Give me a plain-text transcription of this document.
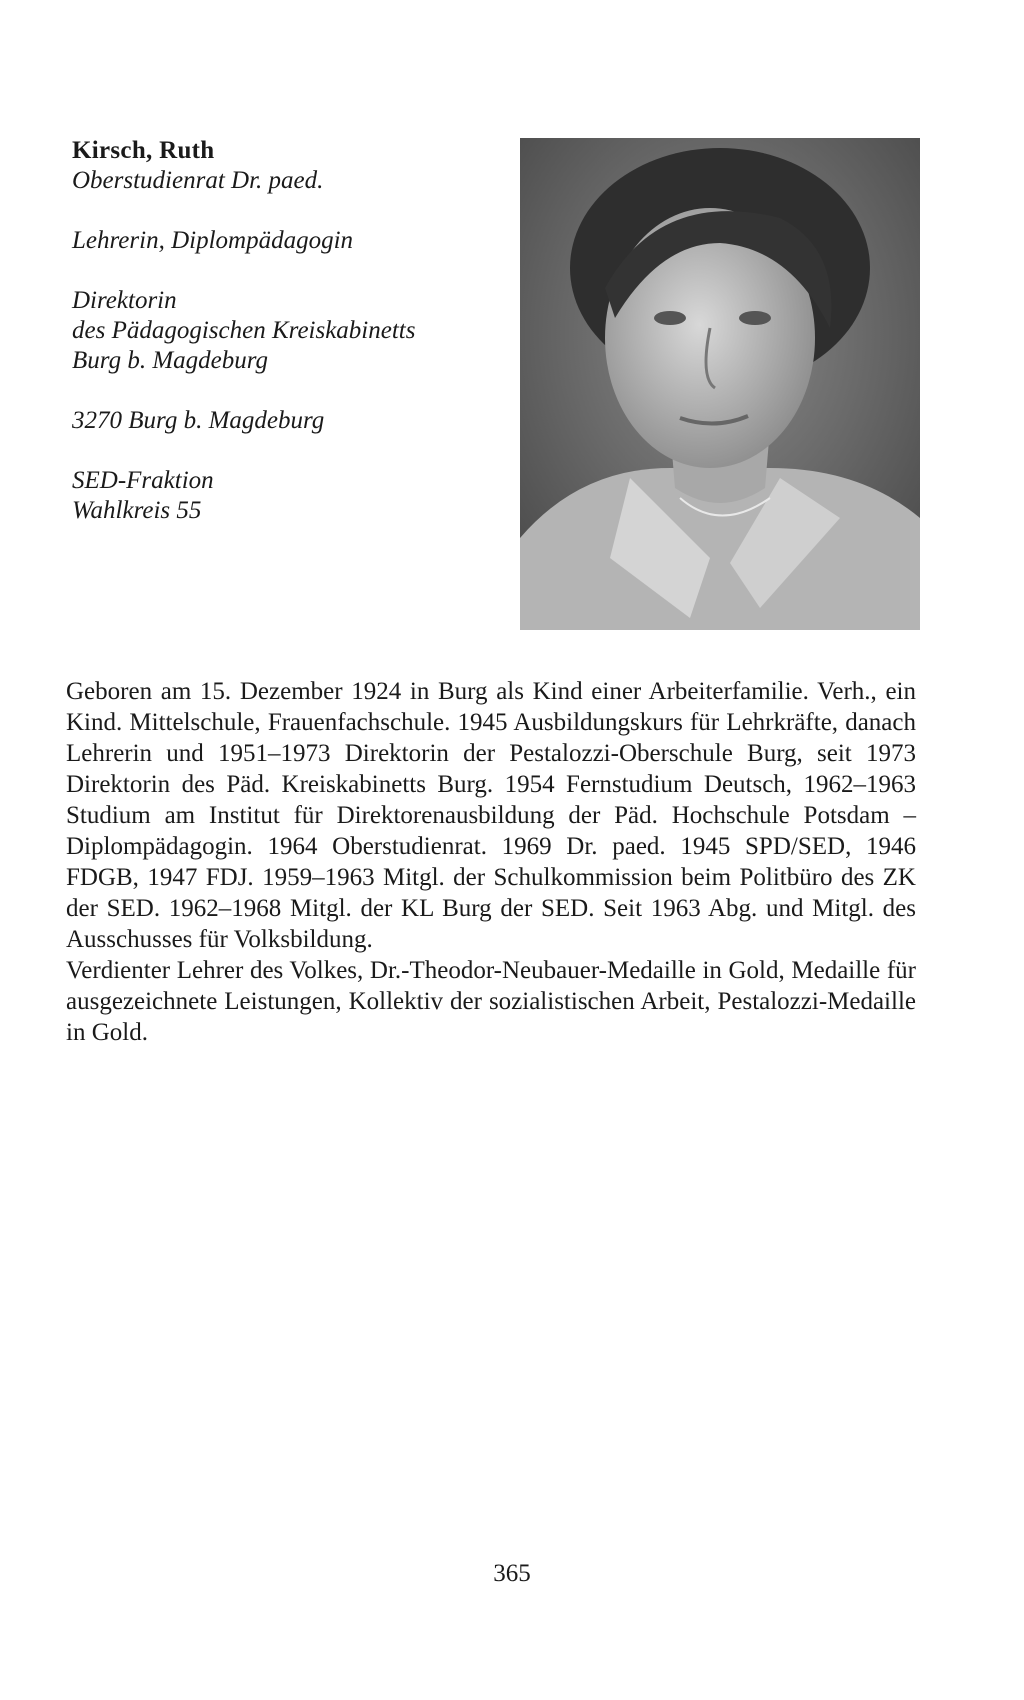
Kirsch, Ruth
Oberstudienrat Dr. paed.
Lehrerin, Diplompädagogin
Direktorin
des Pädagogischen Kreiskabinetts
Burg b. Magdeburg
3270 Burg b. Magdeburg
SED-Fraktion
Wahlkreis 55

Geboren am 15. Dezember 1924 in Burg als Kind einer Arbeiterfamilie. Verh., ein Kind. Mittelschule, Frauenfachschule. 1945 Ausbildungskurs für Lehrkräfte, danach Lehrerin und 1951–1973 Direktorin der Pestalozzi-Oberschule Burg, seit 1973 Direktorin des Päd. Kreiskabinetts Burg. 1954 Fernstudium Deutsch, 1962–1963 Studium am Institut für Direktorenausbildung der Päd. Hochschule Potsdam – Diplompädagogin. 1964 Oberstudienrat. 1969 Dr. paed. 1945 SPD/SED, 1946 FDGB, 1947 FDJ. 1959–1963 Mitgl. der Schulkommission beim Politbüro des ZK der SED. 1962–1968 Mitgl. der KL Burg der SED. Seit 1963 Abg. und Mitgl. des Ausschusses für Volksbildung.

Verdienter Lehrer des Volkes, Dr.-Theodor-Neubauer-Medaille in Gold, Medaille für ausgezeichnete Leistungen, Kollektiv der sozialistischen Arbeit, Pestalozzi-Medaille in Gold.

365
